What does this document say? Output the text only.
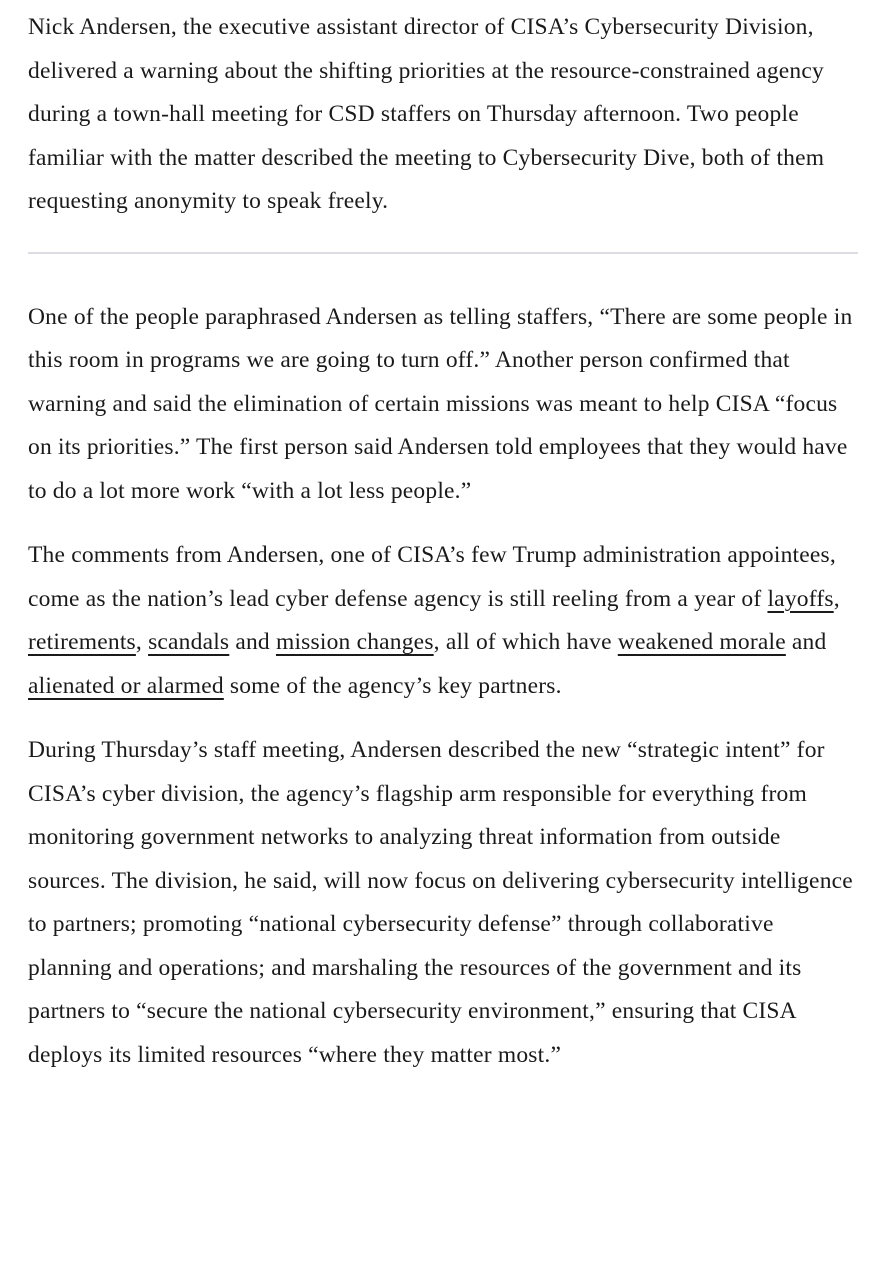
Nick Andersen, the executive assistant director of CISA’s Cybersecurity Division, delivered a warning about the shifting priorities at the resource-constrained agency during a town-hall meeting for CSD staffers on Thursday afternoon. Two people familiar with the matter described the meeting to Cybersecurity Dive, both of them requesting anonymity to speak freely.

One of the people paraphrased Andersen as telling staffers, “There are some people in this room in programs we are going to turn off.” Another person confirmed that warning and said the elimination of certain missions was meant to help CISA “focus on its priorities.” The first person said Andersen told employees that they would have to do a lot more work “with a lot less people.”

The comments from Andersen, one of CISA’s few Trump administration appointees, come as the nation’s lead cyber defense agency is still reeling from a year of layoffs, retirements, scandals and mission changes, all of which have weakened morale and alienated or alarmed some of the agency’s key partners.

During Thursday’s staff meeting, Andersen described the new “strategic intent” for CISA’s cyber division, the agency’s flagship arm responsible for everything from monitoring government networks to analyzing threat information from outside sources. The division, he said, will now focus on delivering cybersecurity intelligence to partners; promoting “national cybersecurity defense” through collaborative planning and operations; and marshaling the resources of the government and its partners to “secure the national cybersecurity environment,” ensuring that CISA deploys its limited resources “where they matter most.”
